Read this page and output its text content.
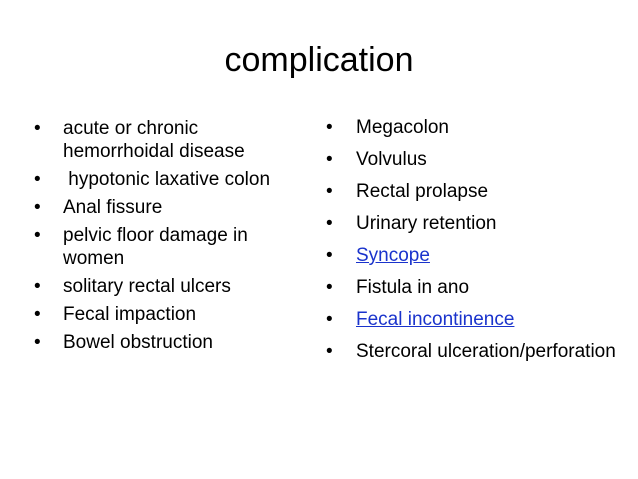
complication
•	acute or chronic hemorrhoidal disease
•	hypotonic laxative colon
•	Anal fissure
•	pelvic floor damage in women
•	solitary rectal ulcers
•	Fecal impaction
•	Bowel obstruction
•	Megacolon
•	Volvulus
•	Rectal prolapse
•	Urinary retention
•	Syncope
•	Fistula in ano
•	Fecal incontinence
•	Stercoral ulceration/perforation
